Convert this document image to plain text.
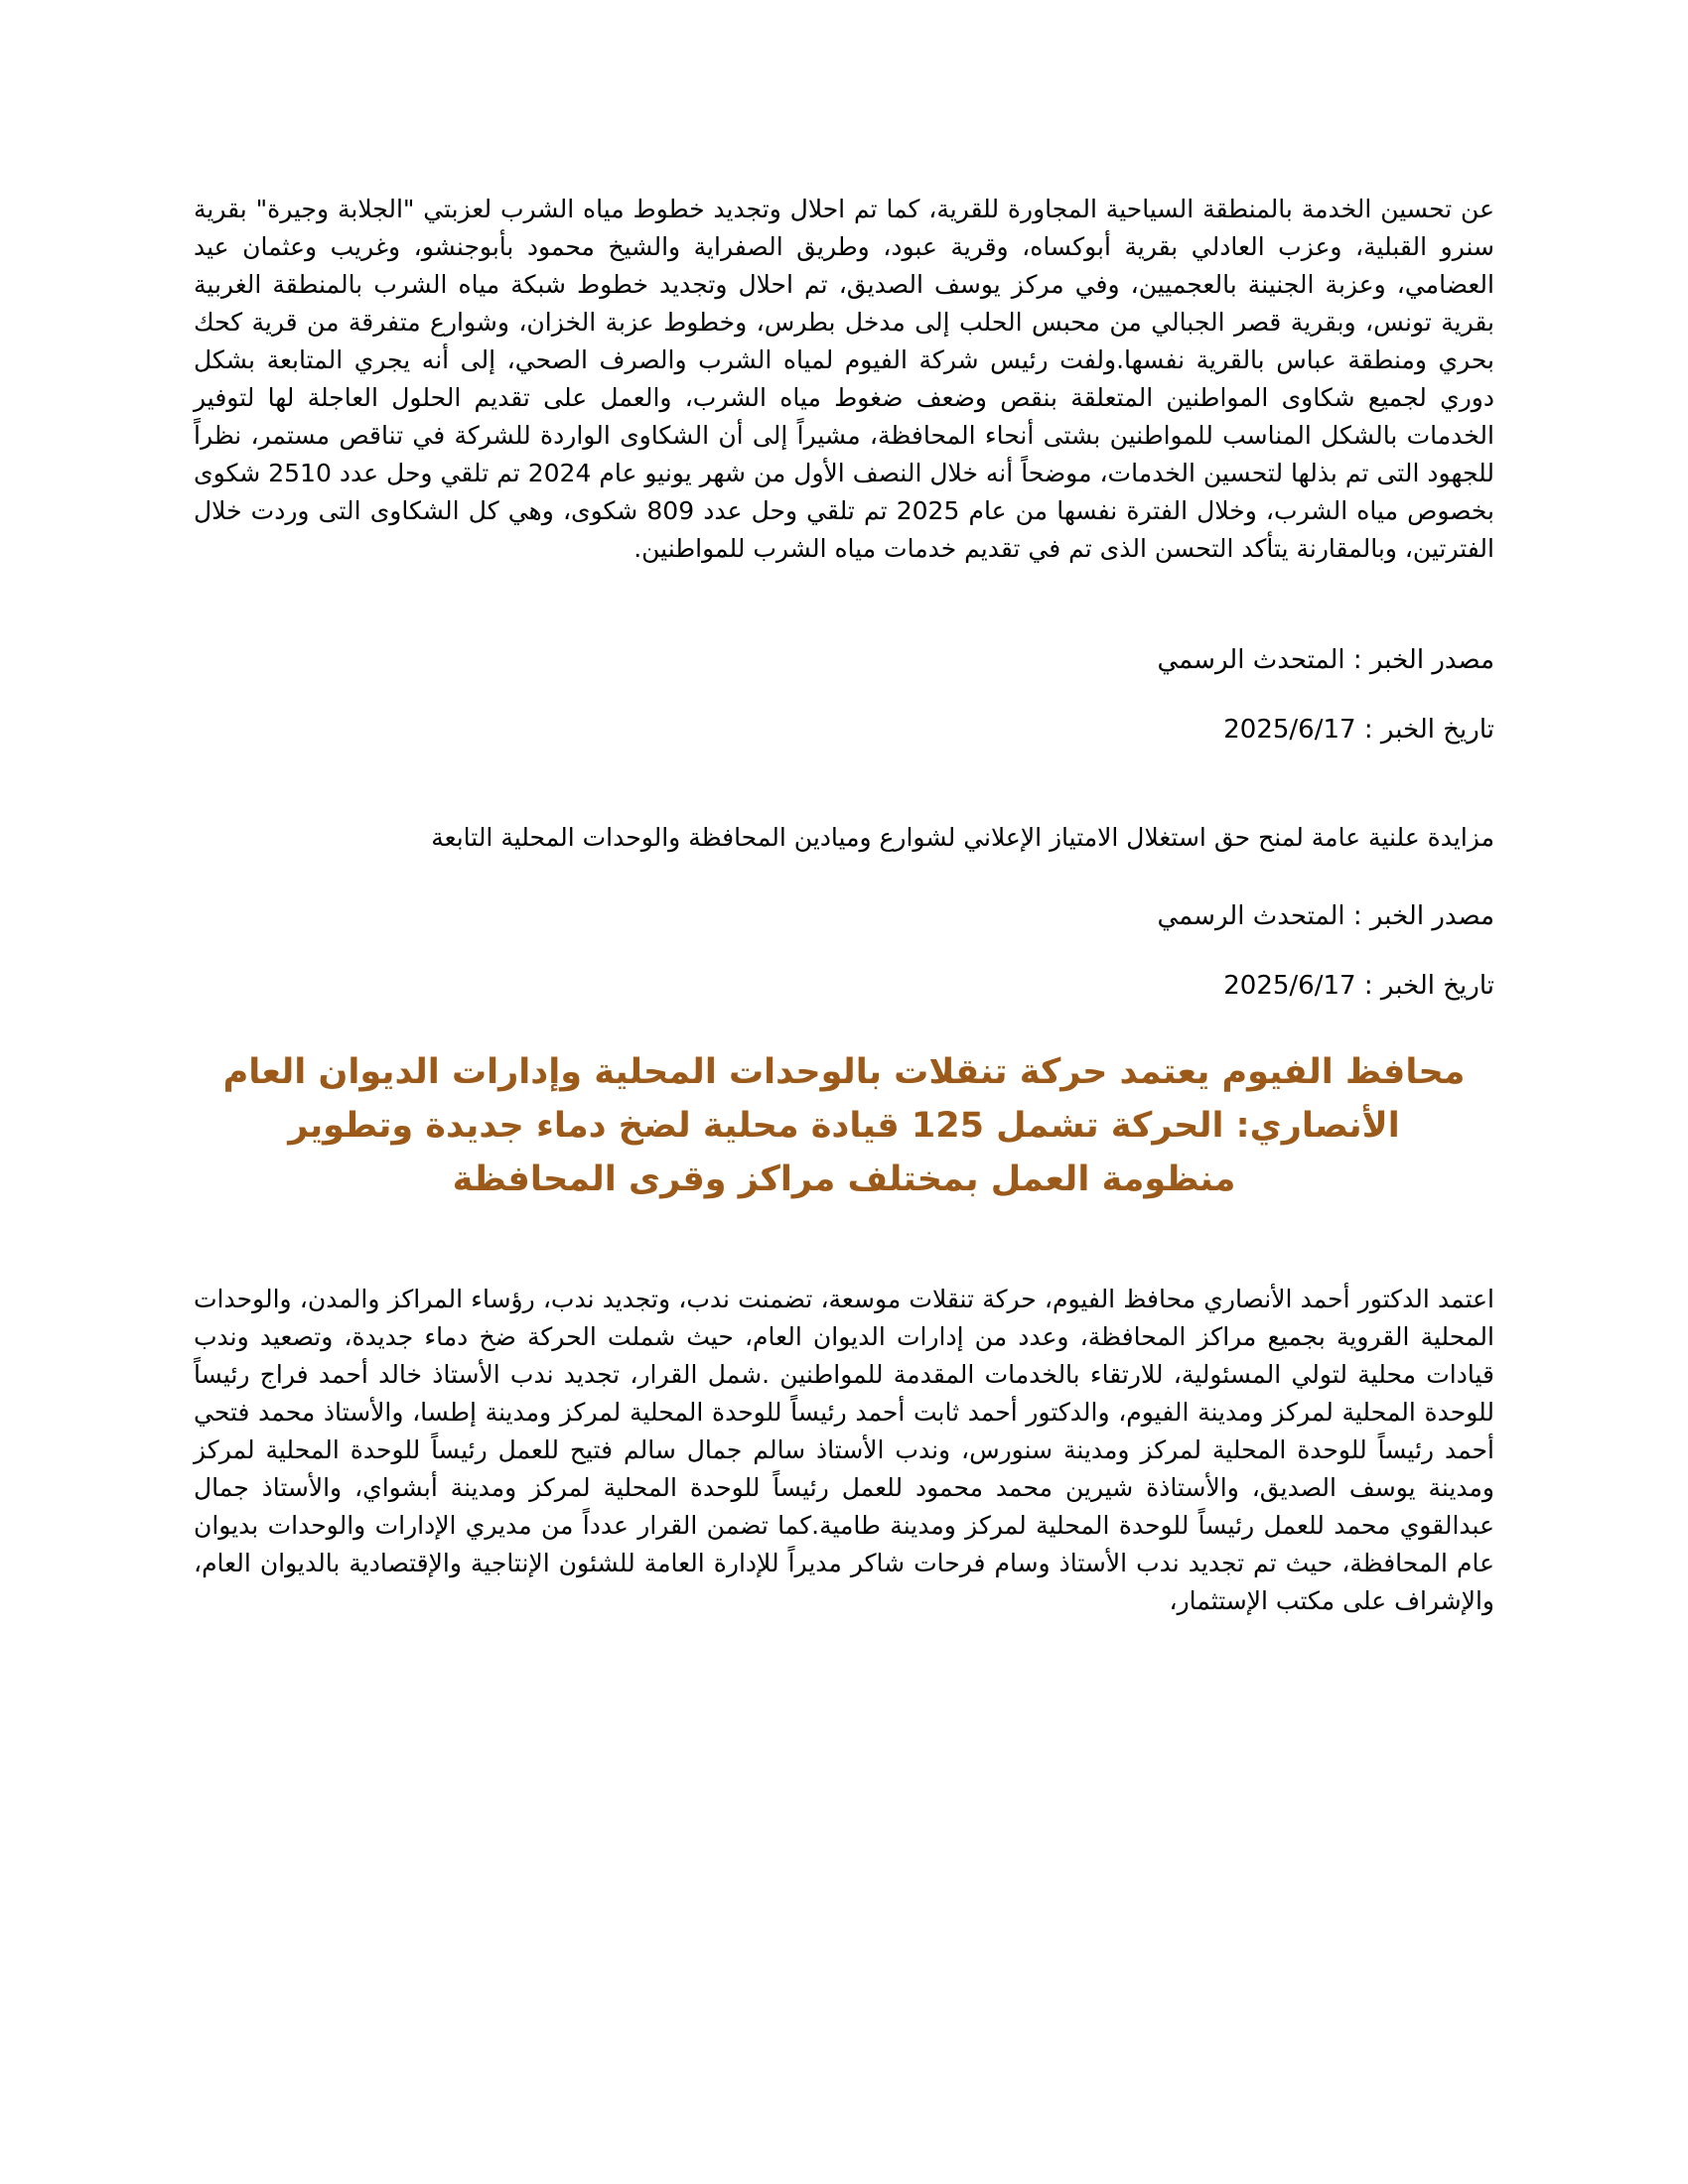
عن تحسين الخدمة بالمنطقة السياحية المجاورة للقرية، كما تم احلال وتجديد خطوط مياه الشرب لعزبتي "الجلابة وجيرة" بقرية سنرو القبلية، وعزب العادلي بقرية أبوكساه، وقرية عبود، وطريق الصفراية والشيخ محمود بأبوجنشو، وغريب وعثمان عيد العضامي، وعزبة الجنينة بالعجميين، وفي مركز يوسف الصديق، تم احلال وتجديد خطوط شبكة مياه الشرب بالمنطقة الغربية بقرية تونس، وبقرية قصر الجبالي من محبس الحلب إلى مدخل بطرس، وخطوط عزبة الخزان، وشوارع متفرقة من قرية كحك بحري ومنطقة عباس بالقرية نفسها.ولفت رئيس شركة الفيوم لمياه الشرب والصرف الصحي، إلى أنه يجري المتابعة بشكل دوري لجميع شكاوى المواطنين المتعلقة بنقص وضعف ضغوط مياه الشرب، والعمل على تقديم الحلول العاجلة لها لتوفير الخدمات بالشكل المناسب للمواطنين بشتى أنحاء المحافظة، مشيراً إلى أن الشكاوى الواردة للشركة في تناقص مستمر، نظراً للجهود التى تم بذلها لتحسين الخدمات، موضحاً أنه خلال النصف الأول من شهر يونيو عام 2024 تم تلقي وحل عدد 2510 شكوى بخصوص مياه الشرب، وخلال الفترة نفسها من عام 2025 تم تلقي وحل عدد 809 شكوى، وهي كل الشكاوى التى وردت خلال الفترتين، وبالمقارنة يتأكد التحسن الذى تم في تقديم خدمات مياه الشرب للمواطنين.

مصدر الخبر : المتحدث الرسمي

تاريخ الخبر : 2025/6/17

مزايدة علنية عامة لمنح حق استغلال الامتياز الإعلاني لشوارع وميادين المحافظة والوحدات المحلية التابعة

مصدر الخبر : المتحدث الرسمي

تاريخ الخبر : 2025/6/17

محافظ الفيوم يعتمد حركة تنقلات بالوحدات المحلية وإدارات الديوان العام الأنصاري: الحركة تشمل 125 قيادة محلية لضخ دماء جديدة وتطوير منظومة العمل بمختلف مراكز وقرى المحافظة

اعتمد الدكتور أحمد الأنصاري محافظ الفيوم، حركة تنقلات موسعة، تضمنت ندب، وتجديد ندب، رؤساء المراكز والمدن، والوحدات المحلية القروية بجميع مراكز المحافظة، وعدد من إدارات الديوان العام، حيث شملت الحركة ضخ دماء جديدة، وتصعيد وندب قيادات محلية لتولي المسئولية، للارتقاء بالخدمات المقدمة للمواطنين .شمل القرار، تجديد ندب الأستاذ خالد أحمد فراج رئيساً للوحدة المحلية لمركز ومدينة الفيوم، والدكتور أحمد ثابت أحمد رئيساً للوحدة المحلية لمركز ومدينة إطسا، والأستاذ محمد فتحي أحمد رئيساً للوحدة المحلية لمركز ومدينة سنورس، وندب الأستاذ سالم جمال سالم فتيح للعمل رئيساً للوحدة المحلية لمركز ومدينة يوسف الصديق، والأستاذة شيرين محمد محمود للعمل رئيساً للوحدة المحلية لمركز ومدينة أبشواي، والأستاذ جمال عبدالقوي محمد للعمل رئيساً للوحدة المحلية لمركز ومدينة طامية.كما تضمن القرار عدداً من مديري الإدارات والوحدات بديوان عام المحافظة، حيث تم تجديد ندب الأستاذ وسام فرحات شاكر مديراً للإدارة العامة للشئون الإنتاجية والإقتصادية بالديوان العام، والإشراف على مكتب الإستثمار،
